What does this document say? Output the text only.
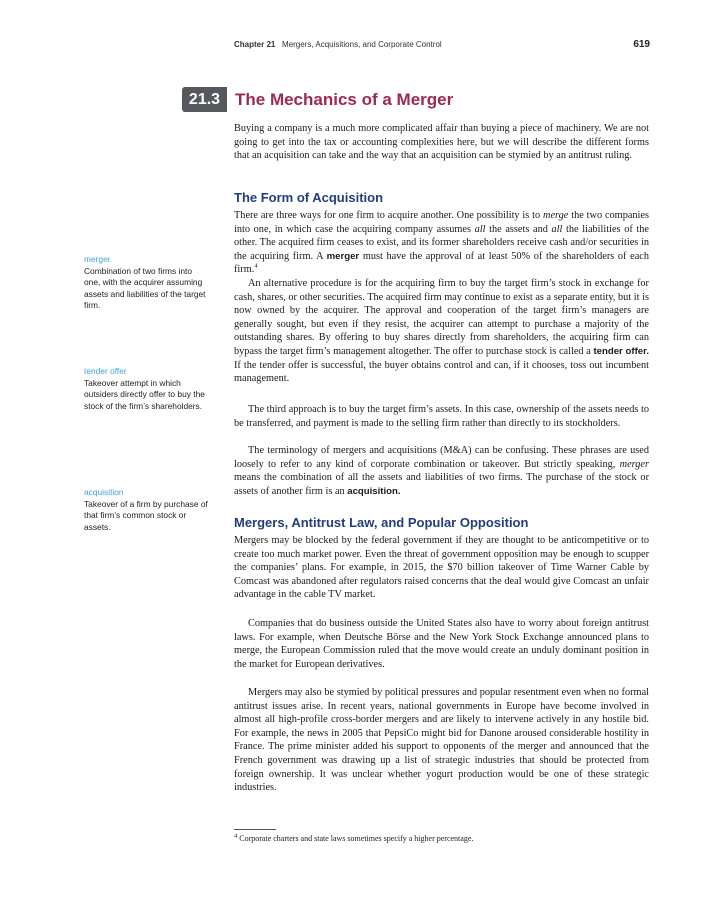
Chapter 21 Mergers, Acquisitions, and Corporate Control	619
21.3 The Mechanics of a Merger

Buying a company is a much more complicated affair than buying a piece of machinery. We are not going to get into the tax or accounting complexities here, but we will describe the different forms that an acquisition can take and the way that an acquisition can be stymied by an antitrust ruling.

The Form of Acquisition

There are three ways for one firm to acquire another. One possibility is to merge the two companies into one, in which case the acquiring company assumes all the assets and all the liabilities of the other. The acquired firm ceases to exist, and its former shareholders receive cash and/or securities in the acquiring firm. A merger must have the approval of at least 50% of the shareholders of each firm.$^4$

An alternative procedure is for the acquiring firm to buy the target firm’s stock in exchange for cash, shares, or other securities. The acquired firm may continue to exist as a separate entity, but it is now owned by the acquirer. The approval and cooperation of the target firm’s managers are generally sought, but even if they resist, the acquirer can attempt to purchase a majority of the outstanding shares. By offering to buy shares directly from shareholders, the acquiring firm can bypass the target firm’s management altogether. The offer to purchase stock is called a tender offer. If the tender offer is successful, the buyer obtains control and can, if it chooses, toss out incumbent management.

The third approach is to buy the target firm’s assets. In this case, ownership of the assets needs to be transferred, and payment is made to the selling firm rather than directly to its stockholders.

The terminology of mergers and acquisitions (M&A) can be confusing. These phrases are used loosely to refer to any kind of corporate combination or takeover. But strictly speaking, merger means the combination of all the assets and liabilities of two firms. The purchase of the stock or assets of another firm is an acquisition.

Mergers, Antitrust Law, and Popular Opposition

Mergers may be blocked by the federal government if they are thought to be anticompetitive or to create too much market power. Even the threat of government opposition may be enough to scupper the companies’ plans. For example, in 2015, the $70 billion takeover of Time Warner Cable by Comcast was abandoned after regulators raised concerns that the deal would give Comcast an unfair advantage in the cable TV market.

Companies that do business outside the United States also have to worry about foreign antitrust laws. For example, when Deutsche Börse and the New York Stock Exchange announced plans to merge, the European Commission ruled that the move would create an unduly dominant position in the market for European derivatives.

Mergers may also be stymied by political pressures and popular resentment even when no formal antitrust issues arise. In recent years, national governments in Europe have become involved in almost all high-profile cross-border mergers and are likely to intervene actively in any hostile bid. For example, the news in 2005 that PepsiCo might bid for Danone aroused considerable hostility in France. The prime minister added his support to opponents of the merger and announced that the French government was drawing up a list of strategic industries that should be protected from foreign ownership. It was unclear whether yogurt production would be one of these strategic industries.

merger
Combination of two firms into one, with the acquirer assuming assets and liabilities of the target firm.
tender offer
Takeover attempt in which outsiders directly offer to buy the stock of the firm’s shareholders.
acquisition
Takeover of a firm by purchase of that firm’s common stock or assets.
$^4$ Corporate charters and state laws sometimes specify a higher percentage.
